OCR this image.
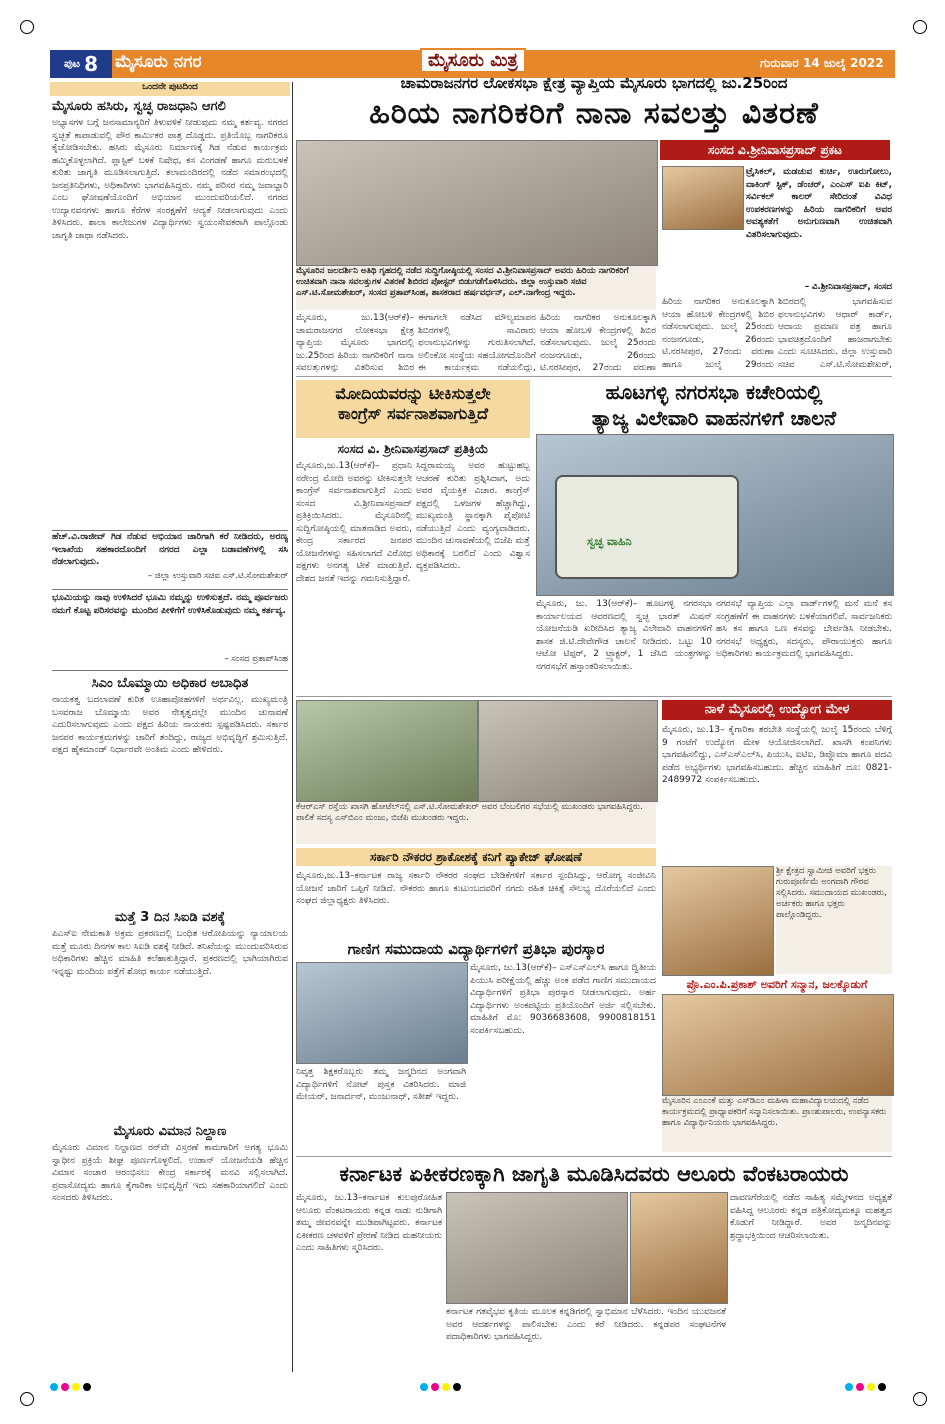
ಪುಟ 8 ಮೈಸೂರು ನಗರ	ಮೈಸೂರು ಮಿತ್ರ	ಗುರುವಾರ 14 ಜುಲೈ 2022
ಒಂದನೇ ಪುಟದಿಂದ
ಮೈಸೂರು ಹಸಿರು, ಸ್ವಚ್ಛ ರಾಜಧಾನಿ ಆಗಲಿ
ಅಭ್ಯಾಸಗಳ ಬಗ್ಗೆ ಜನಸಾಮಾನ್ಯರಿಗೆ ತಿಳುವಳಿಕೆ ನೀಡುವುದು ನಮ್ಮ ಕರ್ತವ್ಯ. ನಗರದ ಸ್ವಚ್ಛತೆ ಕಾಪಾಡುವಲ್ಲಿ ಪೌರ ಕಾರ್ಮಿಕರ ಪಾತ್ರ ದೊಡ್ಡದು. ಪ್ರತಿಯೊಬ್ಬ ನಾಗರಿಕರೂ ಕೈಜೋಡಿಸಬೇಕು. ಹಸಿರು ಮೈಸೂರು ನಿರ್ಮಾಣಕ್ಕೆ ಗಿಡ ನೆಡುವ ಕಾರ್ಯಕ್ರಮ ಹಮ್ಮಿಕೊಳ್ಳಲಾಗಿದೆ. ಪ್ಲಾಸ್ಟಿಕ್ ಬಳಕೆ ನಿಷೇಧ, ಕಸ ವಿಂಗಡಣೆ ಹಾಗೂ ಮರುಬಳಕೆ ಕುರಿತು ಜಾಗೃತಿ ಮೂಡಿಸಲಾಗುತ್ತಿದೆ. ಕಲಾಮಂದಿರದಲ್ಲಿ ನಡೆದ ಸಮಾರಂಭದಲ್ಲಿ ಜನಪ್ರತಿನಿಧಿಗಳು, ಅಧಿಕಾರಿಗಳು ಭಾಗವಹಿಸಿದ್ದರು. ನಮ್ಮ ಪರಿಸರ ನಮ್ಮ ಜವಾಬ್ದಾರಿ ಎಂಬ ಘೋಷಣೆಯೊಂದಿಗೆ ಅಭಿಯಾನ ಮುಂದುವರಿಯಲಿದೆ. ನಗರದ ಉದ್ಯಾನವನಗಳು ಹಾಗೂ ಕೆರೆಗಳ ಸಂರಕ್ಷಣೆಗೆ ಆದ್ಯತೆ ನೀಡಲಾಗುವುದು ಎಂದು ತಿಳಿಸಿದರು. ಶಾಲಾ ಕಾಲೇಜುಗಳ ವಿದ್ಯಾರ್ಥಿಗಳು ಸ್ವಯಂಸೇವಕರಾಗಿ ಪಾಲ್ಗೊಂಡು ಜಾಗೃತಿ ಜಾಥಾ ನಡೆಸಿದರು.
ಹೆಚ್.ವಿ.ರಾಜೀವ್ ಗಿಡ ನೆಡುವ ಅಭಿಯಾನ ಜಾರಿಗಾಗಿ ಕರೆ ನೀಡಿದರು, ಅರಣ್ಯ ಇಲಾಖೆಯ ಸಹಕಾರದೊಂದಿಗೆ ನಗರದ ಎಲ್ಲಾ ಬಡಾವಣೆಗಳಲ್ಲಿ ಸಸಿ ನೆಡಲಾಗುವುದು.
– ಜಿಲ್ಲಾ ಉಸ್ತುವಾರಿ ಸಚಿವ ಎಸ್.ಟಿ.ಸೋಮಶೇಖರ್
ಭೂಮಿಯನ್ನು ನಾವು ಉಳಿಸಿದರೆ ಭೂಮಿ ನಮ್ಮನ್ನು ಉಳಿಸುತ್ತದೆ. ನಮ್ಮ ಪೂರ್ವಜರು ನಮಗೆ ಕೊಟ್ಟ ಪರಿಸರವನ್ನು ಮುಂದಿನ ಪೀಳಿಗೆಗೆ ಉಳಿಸಿಕೊಡುವುದು ನಮ್ಮ ಕರ್ತವ್ಯ.
– ಸಂಸದ ಪ್ರತಾಪ್‌ಸಿಂಹ
ಸಿಎಂ ಬೊಮ್ಮಾಯಿ ಅಧಿಕಾರ ಅಬಾಧಿತ
ನಾಯಕತ್ವ ಬದಲಾವಣೆ ಕುರಿತ ಊಹಾಪೋಹಗಳಿಗೆ ಅರ್ಥವಿಲ್ಲ. ಮುಖ್ಯಮಂತ್ರಿ ಬಸವರಾಜ ಬೊಮ್ಮಾಯಿ ಅವರ ನೇತೃತ್ವದಲ್ಲೇ ಮುಂದಿನ ಚುನಾವಣೆ ಎದುರಿಸಲಾಗುವುದು ಎಂದು ಪಕ್ಷದ ಹಿರಿಯ ನಾಯಕರು ಸ್ಪಷ್ಟಪಡಿಸಿದರು. ಸರ್ಕಾರ ಜನಪರ ಕಾರ್ಯಕ್ರಮಗಳನ್ನು ಜಾರಿಗೆ ತಂದಿದ್ದು, ರಾಜ್ಯದ ಅಭಿವೃದ್ಧಿಗೆ ಶ್ರಮಿಸುತ್ತಿದೆ. ಪಕ್ಷದ ಹೈಕಮಾಂಡ್ ನಿರ್ಧಾರವೇ ಅಂತಿಮ ಎಂದು ಹೇಳಿದರು.
ಮತ್ತೆ 3 ದಿನ ಸಿಐಡಿ ವಶಕ್ಕೆ
ಪಿಎಸ್‌ಐ ನೇಮಕಾತಿ ಅಕ್ರಮ ಪ್ರಕರಣದಲ್ಲಿ ಬಂಧಿತ ಆರೋಪಿಯನ್ನು ನ್ಯಾಯಾಲಯ ಮತ್ತೆ ಮೂರು ದಿನಗಳ ಕಾಲ ಸಿಐಡಿ ವಶಕ್ಕೆ ನೀಡಿದೆ. ತನಿಖೆಯನ್ನು ಮುಂದುವರಿಸಿರುವ ಅಧಿಕಾರಿಗಳು ಹೆಚ್ಚಿನ ಮಾಹಿತಿ ಕಲೆಹಾಕುತ್ತಿದ್ದಾರೆ. ಪ್ರಕರಣದಲ್ಲಿ ಭಾಗಿಯಾಗಿರುವ ಇನ್ನಷ್ಟು ಮಂದಿಯ ಪತ್ತೆಗೆ ಶೋಧ ಕಾರ್ಯ ನಡೆಯುತ್ತಿದೆ.
ಮೈಸೂರು ವಿಮಾನ ನಿಲ್ದಾಣ
ಮೈಸೂರು ವಿಮಾನ ನಿಲ್ದಾಣದ ರನ್‌ವೇ ವಿಸ್ತರಣೆ ಕಾಮಗಾರಿಗೆ ಅಗತ್ಯ ಭೂಮಿ ಸ್ವಾಧೀನ ಪ್ರಕ್ರಿಯೆ ಶೀಘ್ರ ಪೂರ್ಣಗೊಳ್ಳಲಿದೆ. ಉಡಾನ್ ಯೋಜನೆಯಡಿ ಹೆಚ್ಚಿನ ವಿಮಾನ ಸಂಚಾರ ಆರಂಭಿಸಲು ಕೇಂದ್ರ ಸರ್ಕಾರಕ್ಕೆ ಮನವಿ ಸಲ್ಲಿಸಲಾಗಿದೆ. ಪ್ರವಾಸೋದ್ಯಮ ಹಾಗೂ ಕೈಗಾರಿಕಾ ಅಭಿವೃದ್ಧಿಗೆ ಇದು ಸಹಕಾರಿಯಾಗಲಿದೆ ಎಂದು ಸಂಸದರು ತಿಳಿಸಿದರು.
ಚಾಮರಾಜನಗರ ಲೋಕಸಭಾ ಕ್ಷೇತ್ರ ವ್ಯಾಪ್ತಿಯ ಮೈಸೂರು ಭಾಗದಲ್ಲಿ ಜು.25ರಿಂದ
ಹಿರಿಯ ನಾಗರಿಕರಿಗೆ ನಾನಾ ಸವಲತ್ತು ವಿತರಣೆ
ಸಂಸದ ವಿ.ಶ್ರೀನಿವಾಸಪ್ರಸಾದ್ ಪ್ರಕಟ
ಮೈಸೂರಿನ ಜಲದರ್ಶಿನಿ ಅತಿಥಿ ಗೃಹದಲ್ಲಿ ನಡೆದ ಸುದ್ದಿಗೋಷ್ಠಿಯಲ್ಲಿ ಸಂಸದ ವಿ.ಶ್ರೀನಿವಾಸಪ್ರಸಾದ್ ಅವರು ಹಿರಿಯ ನಾಗರಿಕರಿಗೆ ಉಚಿತವಾಗಿ ನಾನಾ ಸವಲತ್ತುಗಳ ವಿತರಣೆ ಶಿಬಿರದ ಪೋಸ್ಟರ್ ಬಿಡುಗಡೆಗೊಳಿಸಿದರು. ಜಿಲ್ಲಾ ಉಸ್ತುವಾರಿ ಸಚಿವ ಎಸ್.ಟಿ.ಸೋಮಶೇಖರ್, ಸಂಸದ ಪ್ರತಾಪ್‌ಸಿಂಹ, ಶಾಸಕರಾದ ಹರ್ಷವರ್ಧನ್, ಎಲ್.ನಾಗೇಂದ್ರ ಇದ್ದರು.
ಮೈಸೂರು, ಜು.13(ಆರ್‌ಕೆ)– ಚಾಮರಾಜನಗರ ಲೋಕಸಭಾ ಕ್ಷೇತ್ರ ವ್ಯಾಪ್ತಿಯ ಮೈಸೂರು ಭಾಗದಲ್ಲಿ ಜು.25ರಿಂದ ಹಿರಿಯ ನಾಗರಿಕರಿಗೆ ನಾನಾ ಸವಲತ್ತುಗಳನ್ನು ವಿತರಿಸುವ ಶಿಬಿರ
ಈಗಾಗಲೇ ನಡೆಸಿದ ಮೌಲ್ಯಮಾಪನ ಶಿಬಿರಗಳಲ್ಲಿ ಸಾವಿರಾರು ಫಲಾನುಭವಿಗಳನ್ನು ಗುರುತಿಸಲಾಗಿದೆ. ಅಲಿಂಕೋ ಸಂಸ್ಥೆಯ ಸಹಯೋಗದೊಂದಿಗೆ ಈ ಕಾರ್ಯಕ್ರಮ ನಡೆಯಲಿದ್ದು,
ಹಿರಿಯ ನಾಗರಿಕರ ಅನುಕೂಲಕ್ಕಾಗಿ ಆಯಾ ಹೋಬಳಿ ಕೇಂದ್ರಗಳಲ್ಲಿ ಶಿಬಿರ ನಡೆಸಲಾಗುವುದು. ಜುಲೈ 25ರಂದು ನಂಜನಗೂಡು, 26ರಂದು ಟಿ.ನರಸೀಪುರ, 27ರಂದು ವರುಣಾ
ಟ್ರೈಸಿಕಲ್, ಮಡಚುವ ಕುರ್ಚಿ, ಊರುಗೋಲು, ವಾಕಿಂಗ್ ಸ್ಟಿಕ್, ಡೆಂಚರ್, ಎಂಎಸ್ ಐಪಿ ಕಿಟ್, ಸರ್ವಿಕಲ್ ಕಾಲರ್ ಸೇರಿದಂತೆ ವಿವಿಧ ಉಪಕರಣಗಳನ್ನು ಹಿರಿಯ ನಾಗರಿಕರಿಗೆ ಅವರ ಅವಶ್ಯಕತೆಗೆ ಅನುಗುಣವಾಗಿ ಉಚಿತವಾಗಿ ವಿತರಿಸಲಾಗುವುದು.
– ವಿ.ಶ್ರೀನಿವಾಸಪ್ರಸಾದ್, ಸಂಸದ
ಹಿರಿಯ ನಾಗರಿಕರ ಅನುಕೂಲಕ್ಕಾಗಿ ಆಯಾ ಹೋಬಳಿ ಕೇಂದ್ರಗಳಲ್ಲಿ ಶಿಬಿರ ನಡೆಸಲಾಗುವುದು. ಜುಲೈ 25ರಂದು ನಂಜನಗೂಡು, 26ರಂದು ಟಿ.ನರಸೀಪುರ, 27ರಂದು ವರುಣಾ ಹಾಗೂ ಜುಲೈ 29ರಂದು
ಶಿಬಿರದಲ್ಲಿ ಭಾಗವಹಿಸುವ ಫಲಾನುಭವಿಗಳು ಆಧಾರ್ ಕಾರ್ಡ್, ಆದಾಯ ಪ್ರಮಾಣ ಪತ್ರ ಹಾಗೂ ಭಾವಚಿತ್ರದೊಂದಿಗೆ ಹಾಜರಾಗಬೇಕು ಎಂದು ಸೂಚಿಸಿದರು. ಜಿಲ್ಲಾ ಉಸ್ತುವಾರಿ ಸಚಿವ ಎಸ್.ಟಿ.ಸೋಮಶೇಖರ್,
ಮೋದಿಯವರನ್ನು ಟೀಕಿಸುತ್ತಲೇ
ಕಾಂಗ್ರೆಸ್ ಸರ್ವನಾಶವಾಗುತ್ತಿದೆ
ಸಂಸದ ವಿ. ಶ್ರೀನಿವಾಸಪ್ರಸಾದ್ ಪ್ರತಿಕ್ರಿಯೆ
ಮೈಸೂರು,ಜು.13(ಆರ್‌ಕೆ)– ಪ್ರಧಾನಿ ನರೇಂದ್ರ ಮೋದಿ ಅವರನ್ನು ಟೀಕಿಸುತ್ತಲೇ ಕಾಂಗ್ರೆಸ್ ಸರ್ವನಾಶವಾಗುತ್ತಿದೆ ಎಂದು ಸಂಸದ ವಿ.ಶ್ರೀನಿವಾಸಪ್ರಸಾದ್ ಪ್ರತಿಕ್ರಿಯಿಸಿದರು. ಮೈಸೂರಿನಲ್ಲಿ ಸುದ್ದಿಗೋಷ್ಠಿಯಲ್ಲಿ ಮಾತನಾಡಿದ ಅವರು, ಕೇಂದ್ರ ಸರ್ಕಾರದ ಜನಪರ ಯೋಜನೆಗಳನ್ನು ಸಹಿಸಲಾಗದೆ ವಿರೋಧ ಪಕ್ಷಗಳು ಅನಗತ್ಯ ಟೀಕೆ ಮಾಡುತ್ತಿವೆ. ದೇಶದ ಜನತೆ ಇದನ್ನು ಗಮನಿಸುತ್ತಿದ್ದಾರೆ.
ಸಿದ್ದರಾಮಯ್ಯ ಅವರ ಹುಟ್ಟುಹಬ್ಬ ಆಚರಣೆ ಕುರಿತು ಪ್ರಶ್ನಿಸಿದಾಗ, ಅದು ಅವರ ವೈಯಕ್ತಿಕ ವಿಚಾರ. ಕಾಂಗ್ರೆಸ್ ಪಕ್ಷದಲ್ಲಿ ಒಳಜಗಳ ಹೆಚ್ಚಾಗಿದ್ದು, ಮುಖ್ಯಮಂತ್ರಿ ಸ್ಥಾನಕ್ಕಾಗಿ ಪೈಪೋಟಿ ನಡೆಯುತ್ತಿದೆ ಎಂದು ವ್ಯಂಗ್ಯವಾಡಿದರು. ಮುಂದಿನ ಚುನಾವಣೆಯಲ್ಲಿ ಬಿಜೆಪಿ ಮತ್ತೆ ಅಧಿಕಾರಕ್ಕೆ ಬರಲಿದೆ ಎಂದು ವಿಶ್ವಾಸ ವ್ಯಕ್ತಪಡಿಸಿದರು.
ಹೂಟಗಳ್ಳಿ ನಗರಸಭಾ ಕಚೇರಿಯಲ್ಲಿ
ತ್ಯಾಜ್ಯ ವಿಲೇವಾರಿ ವಾಹನಗಳಿಗೆ ಚಾಲನೆ
ಸ್ವಚ್ಛ ವಾಹಿನಿ
ಮೈಸೂರು, ಜು. 13(ಆರ್‌ಕೆ)– ಹೂಟಗಳ್ಳಿ ನಗರಸಭಾ ಕಾರ್ಯಾಲಯದ ಆವರಣದಲ್ಲಿ ಸ್ವಚ್ಛ ಭಾರತ್ ಮಿಷನ್ ಯೋಜನೆಯಡಿ ಖರೀದಿಸಿದ ತ್ಯಾಜ್ಯ ವಿಲೇವಾರಿ ವಾಹನಗಳಿಗೆ ಶಾಸಕ ಜಿ.ಟಿ.ದೇವೇಗೌಡ ಚಾಲನೆ ನೀಡಿದರು. ಒಟ್ಟು 10 ಆಟೋ ಟಿಪ್ಪರ್, 2 ಟ್ರ್ಯಾಕ್ಟರ್, 1 ಜೆಸಿಬಿ ಯಂತ್ರಗಳನ್ನು ನಗರಸಭೆಗೆ ಹಸ್ತಾಂತರಿಸಲಾಯಿತು.
ನಗರಸಭೆ ವ್ಯಾಪ್ತಿಯ ಎಲ್ಲಾ ವಾರ್ಡ್‌ಗಳಲ್ಲಿ ಮನೆ ಮನೆ ಕಸ ಸಂಗ್ರಹಣೆಗೆ ಈ ವಾಹನಗಳು ಬಳಕೆಯಾಗಲಿವೆ. ಸಾರ್ವಜನಿಕರು ಹಸಿ ಕಸ ಹಾಗೂ ಒಣ ಕಸವನ್ನು ಬೇರ್ಪಡಿಸಿ ನೀಡಬೇಕು. ನಗರಸಭೆ ಅಧ್ಯಕ್ಷರು, ಸದಸ್ಯರು, ಪೌರಾಯುಕ್ತರು ಹಾಗೂ ಅಧಿಕಾರಿಗಳು ಕಾರ್ಯಕ್ರಮದಲ್ಲಿ ಭಾಗವಹಿಸಿದ್ದರು.
ಕೆಆರ್‌ಎಸ್ ರಸ್ತೆಯ ಖಾಸಗಿ ಹೋಟೆಲ್‌ನಲ್ಲಿ ಎಸ್.ಟಿ.ಸೋಮಶೇಖರ್ ಅವರ ಬೆಂಬಲಿಗರ ಸಭೆಯಲ್ಲಿ ಮುಖಂಡರು ಭಾಗವಹಿಸಿದ್ದರು. ಪಾಲಿಕೆ ಸದಸ್ಯ ಎಸ್‌ಬಿಎಂ ಮಂಜು, ಬಿಜೆಪಿ ಮುಖಂಡರು ಇದ್ದರು.
ನಾಳೆ ಮೈಸೂರಲ್ಲಿ ಉದ್ಯೋಗ ಮೇಳ
ಮೈಸೂರು, ಜು.13– ಕೈಗಾರಿಕಾ ತರಬೇತಿ ಸಂಸ್ಥೆಯಲ್ಲಿ ಜುಲೈ 15ರಂದು ಬೆಳಿಗ್ಗೆ 9 ಗಂಟೆಗೆ ಉದ್ಯೋಗ ಮೇಳ ಆಯೋಜಿಸಲಾಗಿದೆ. ಖಾಸಗಿ ಕಂಪನಿಗಳು ಭಾಗವಹಿಸಲಿದ್ದು, ಎಸ್‌ಎಸ್‌ಎಲ್‌ಸಿ, ಪಿಯುಸಿ, ಐಟಿಐ, ಡಿಪ್ಲೊಮಾ ಹಾಗೂ ಪದವಿ ಪಡೆದ ಅಭ್ಯರ್ಥಿಗಳು ಭಾಗವಹಿಸಬಹುದು. ಹೆಚ್ಚಿನ ಮಾಹಿತಿಗೆ ದೂ: 0821-2489972 ಸಂಪರ್ಕಿಸಬಹುದು.
ಸರ್ಕಾರಿ ನೌಕರರ ಶ್ರಾಕೋಶಕ್ಕೆ ಕನಿಗೆ ಪ್ಯಾಕೇಜ್ ಘೋಷಣೆ
ಮೈಸೂರು,ಜು.13–ಕರ್ನಾಟಕ ರಾಜ್ಯ ಸರ್ಕಾರಿ ನೌಕರರ ಸಂಘದ ಬೇಡಿಕೆಗಳಿಗೆ ಸರ್ಕಾರ ಸ್ಪಂದಿಸಿದ್ದು, ಆರೋಗ್ಯ ಸಂಜೀವಿನಿ ಯೋಜನೆ ಜಾರಿಗೆ ಒಪ್ಪಿಗೆ ನೀಡಿದೆ. ನೌಕರರು ಹಾಗೂ ಕುಟುಂಬದವರಿಗೆ ನಗದು ರಹಿತ ಚಿಕಿತ್ಸೆ ಸೌಲಭ್ಯ ದೊರೆಯಲಿದೆ ಎಂದು ಸಂಘದ ಜಿಲ್ಲಾಧ್ಯಕ್ಷರು ತಿಳಿಸಿದರು.
ಶ್ರೀ ಕ್ಷೇತ್ರದ ಸ್ವಾಮೀಜಿ ಅವರಿಗೆ ಭಕ್ತರು ಗುರುಪೂರ್ಣಿಮೆ ಅಂಗವಾಗಿ ಗೌರವ ಸಲ್ಲಿಸಿದರು. ಸಮುದಾಯದ ಮುಖಂಡರು, ಅರ್ಚಕರು ಹಾಗೂ ಭಕ್ತರು ಪಾಲ್ಗೊಂಡಿದ್ದರು.
ಗಾಣಿಗ ಸಮುದಾಯ ವಿದ್ಯಾರ್ಥಿಗಳಿಗೆ ಪ್ರತಿಭಾ ಪುರಸ್ಕಾರ
ಮೈಸೂರು, ಜು.13(ಆರ್‌ಕೆ)– ಎಸ್‌ಎಸ್‌ಎಲ್‌ಸಿ ಹಾಗೂ ದ್ವಿತೀಯ ಪಿಯುಸಿ ಪರೀಕ್ಷೆಯಲ್ಲಿ ಹೆಚ್ಚು ಅಂಕ ಪಡೆದ ಗಾಣಿಗ ಸಮುದಾಯದ ವಿದ್ಯಾರ್ಥಿಗಳಿಗೆ ಪ್ರತಿಭಾ ಪುರಸ್ಕಾರ ನೀಡಲಾಗುವುದು. ಅರ್ಹ ವಿದ್ಯಾರ್ಥಿಗಳು ಅಂಕಪಟ್ಟಿಯ ಪ್ರತಿಯೊಂದಿಗೆ ಅರ್ಜಿ ಸಲ್ಲಿಸಬೇಕು. ಮಾಹಿತಿಗೆ ಮೊ: 9036683608, 9900818151 ಸಂಪರ್ಕಿಸಬಹುದು.
ನಿವೃತ್ತ ಶಿಕ್ಷಕರೊಬ್ಬರು ತಮ್ಮ ಜನ್ಮದಿನದ ಅಂಗವಾಗಿ ವಿದ್ಯಾರ್ಥಿಗಳಿಗೆ ನೋಟ್ ಪುಸ್ತಕ ವಿತರಿಸಿದರು. ಮಾಜಿ ಮೇಯರ್, ಜನಾರ್ದನ್, ಮಂಜುನಾಥ್, ಸತೀಶ್ ಇದ್ದರು.
ಪ್ರೊ.ಎಂ.ಪಿ.ಪ್ರಕಾಶ್ ಅವರಿಗೆ ಸನ್ಮಾನ, ಜಲಕ್ಕೊಡುಗೆ
ಮೈಸೂರಿನ ಎಂಎಂಕೆ ಮತ್ತು ಎಸ್‌ಡಿಎಂ ಮಹಿಳಾ ಮಹಾವಿದ್ಯಾಲಯದಲ್ಲಿ ನಡೆದ ಕಾರ್ಯಕ್ರಮದಲ್ಲಿ ಪ್ರಾಧ್ಯಾಪಕರಿಗೆ ಸನ್ಮಾನಿಸಲಾಯಿತು. ಪ್ರಾಂಶುಪಾಲರು, ಉಪನ್ಯಾಸಕರು ಹಾಗೂ ವಿದ್ಯಾರ್ಥಿನಿಯರು ಭಾಗವಹಿಸಿದ್ದರು.
ಕರ್ನಾಟಕ ಏಕೀಕರಣಕ್ಕಾಗಿ ಜಾಗೃತಿ ಮೂಡಿಸಿದವರು ಆಲೂರು ವೆಂಕಟರಾಯರು
ಮೈಸೂರು, ಜು.13–ಕರ್ನಾಟಕ ಕುಲಪುರೋಹಿತ ಆಲೂರು ವೆಂಕಟರಾಯರು ಕನ್ನಡ ನಾಡು ನುಡಿಗಾಗಿ ತಮ್ಮ ಜೀವನವನ್ನೇ ಮುಡಿಪಾಗಿಟ್ಟವರು. ಕರ್ನಾಟಕ ಏಕೀಕರಣ ಚಳವಳಿಗೆ ಪ್ರೇರಣೆ ನೀಡಿದ ಮಹನೀಯರು ಎಂದು ಸಾಹಿತಿಗಳು ಸ್ಮರಿಸಿದರು.
ಕರ್ನಾಟಕ ಗತವೈಭವ ಕೃತಿಯ ಮೂಲಕ ಕನ್ನಡಿಗರಲ್ಲಿ ಸ್ವಾಭಿಮಾನ ಬೆಳೆಸಿದರು. ಇಂದಿನ ಯುವಜನತೆ ಅವರ ಆದರ್ಶಗಳನ್ನು ಪಾಲಿಸಬೇಕು ಎಂದು ಕರೆ ನೀಡಿದರು. ಕನ್ನಡಪರ ಸಂಘಟನೆಗಳ ಪದಾಧಿಕಾರಿಗಳು ಭಾಗವಹಿಸಿದ್ದರು.
ದಾವಣಗೆರೆಯಲ್ಲಿ ನಡೆದ ಸಾಹಿತ್ಯ ಸಮ್ಮೇಳನದ ಅಧ್ಯಕ್ಷತೆ ವಹಿಸಿದ್ದ ಆಲೂರರು ಕನ್ನಡ ಪತ್ರಿಕೋದ್ಯಮಕ್ಕೂ ಮಹತ್ವದ ಕೊಡುಗೆ ನೀಡಿದ್ದಾರೆ. ಅವರ ಜನ್ಮದಿನವನ್ನು ಶ್ರದ್ಧಾಭಕ್ತಿಯಿಂದ ಆಚರಿಸಲಾಯಿತು.
